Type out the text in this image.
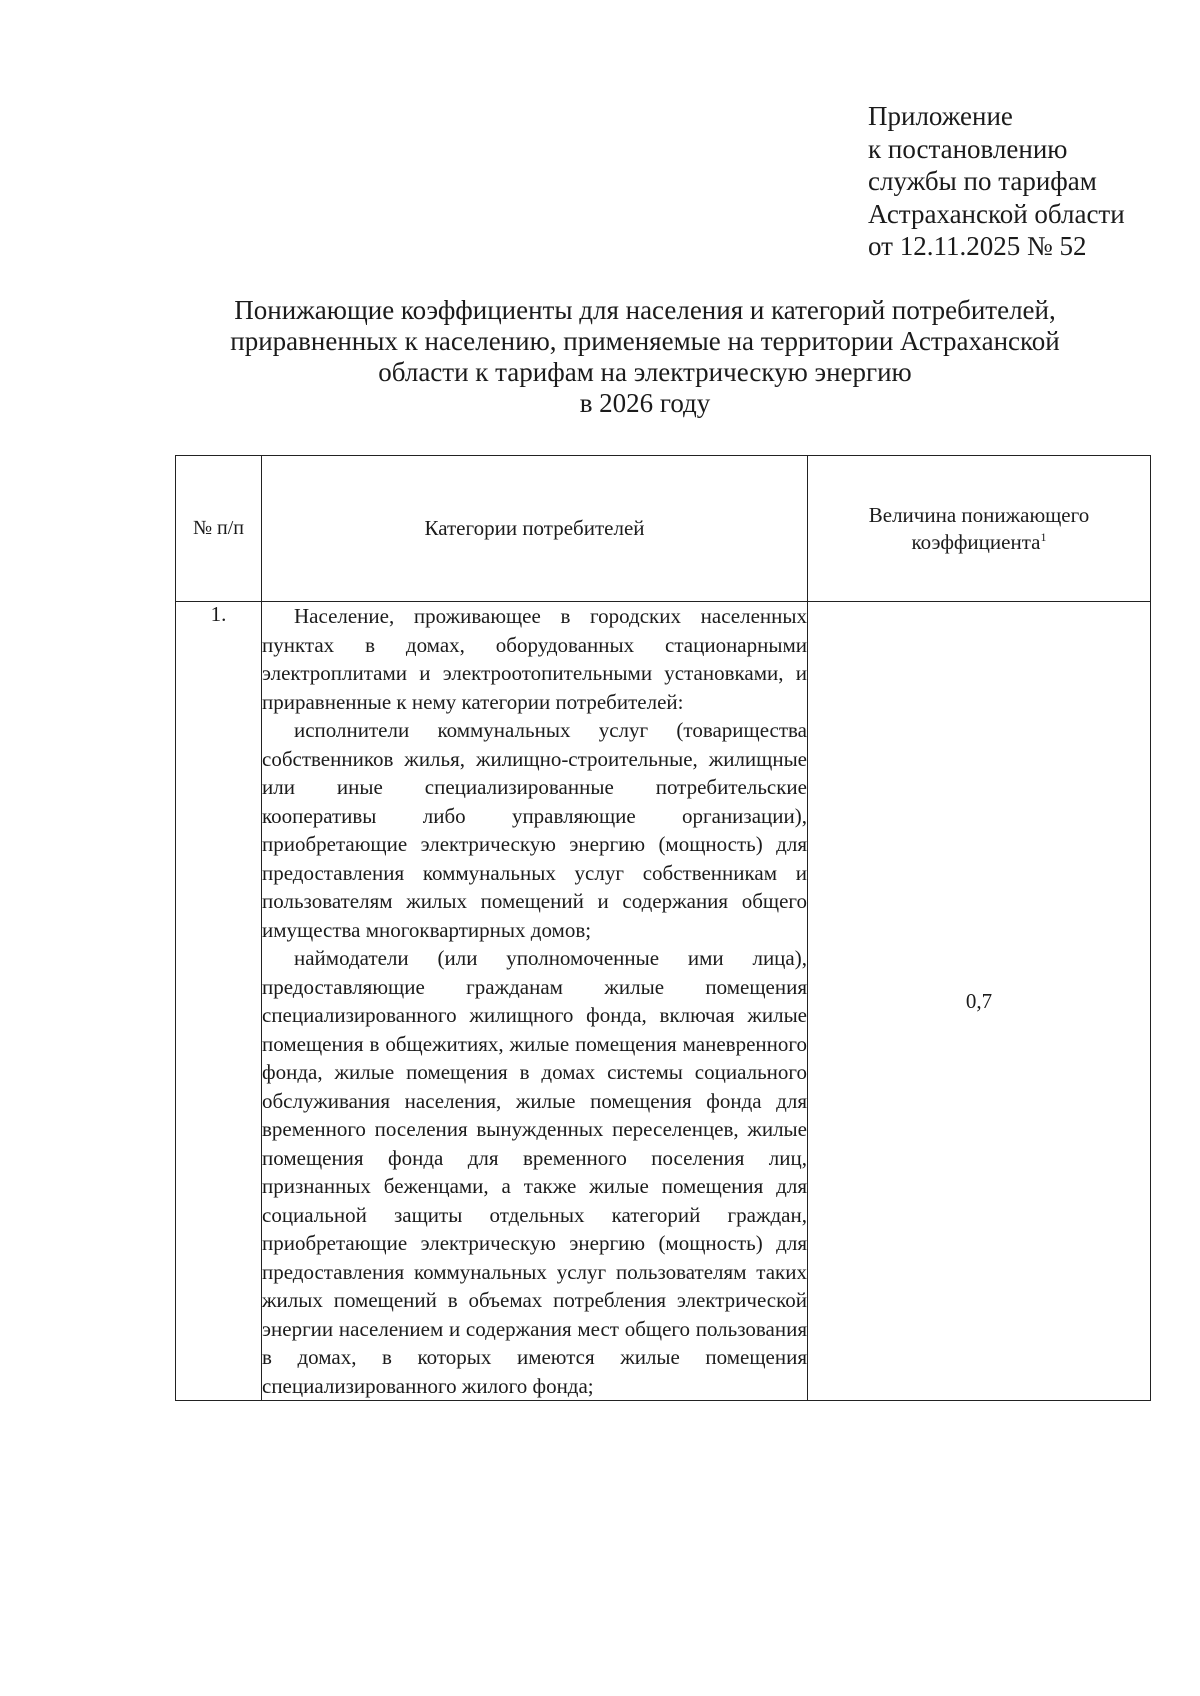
Приложение
к постановлению
службы по тарифам
Астраханской области
от 12.11.2025 № 52
Понижающие коэффициенты для населения и категорий потребителей,
приравненных к населению, применяемые на территории Астраханской
области к тарифам на электрическую энергию
в 2026 году
№ п/п	Категории потребителей	Величина понижающего коэффициента$^1$
1.	Население, проживающее в городских населенных пунктах в домах, оборудованных стационарными электроплитами и электроотопительными установками, и приравненные к нему категории потребителей:

исполнители коммунальных услуг (товарищества собственников жилья, жилищно-строительные, жилищные или иные специализированные потребительские кооперативы либо управляющие организации), приобретающие электрическую энергию (мощность) для предоставления коммунальных услуг собственникам и пользователям жилых помещений и содержания общего имущества многоквартирных домов;

наймодатели (или уполномоченные ими лица), предоставляющие гражданам жилые помещения специализированного жилищного фонда, включая жилые помещения в общежитиях, жилые помещения маневренного фонда, жилые помещения в домах системы социального обслуживания населения, жилые помещения фонда для временного поселения вынужденных переселенцев, жилые помещения фонда для временного поселения лиц, признанных беженцами, а также жилые помещения для социальной защиты отдельных категорий граждан, приобретающие электрическую энергию (мощность) для предоставления коммунальных услуг пользователям таких жилых помещений в объемах потребления электрической энергии населением и содержания мест общего пользования в домах, в которых имеются жилые помещения специализированного жилого фонда;	0,7
